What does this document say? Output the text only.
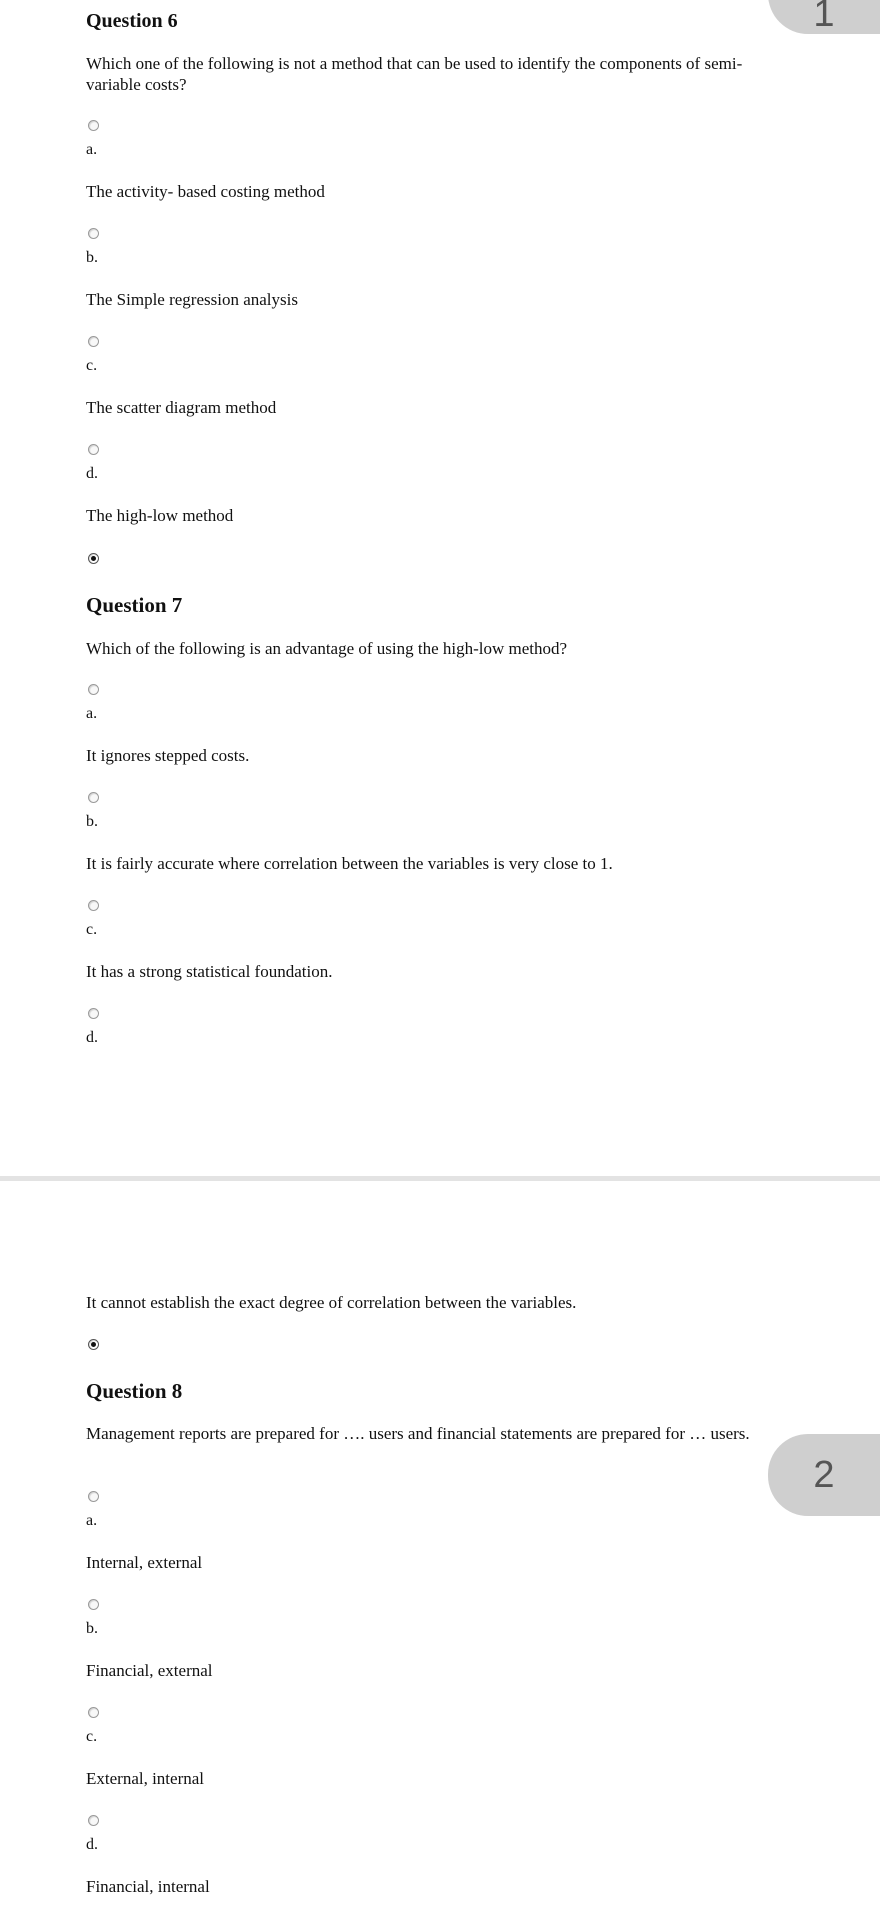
1
2
Question 6
Which one of the following is not a method that can be used to identify the components of semi-variable costs?
a.
The activity- based costing method
b.
The Simple regression analysis
c.
The scatter diagram method
d.
The high-low method
Question 7
Which of the following is an advantage of using the high-low method?
a.
It ignores stepped costs.
b.
It is fairly accurate where correlation between the variables is very close to 1.
c.
It has a strong statistical foundation.
d.
It cannot establish the exact degree of correlation between the variables.
Question 8
Management reports are prepared for …. users and financial statements are prepared for … users.
a.
Internal, external
b.
Financial, external
c.
External, internal
d.
Financial, internal
